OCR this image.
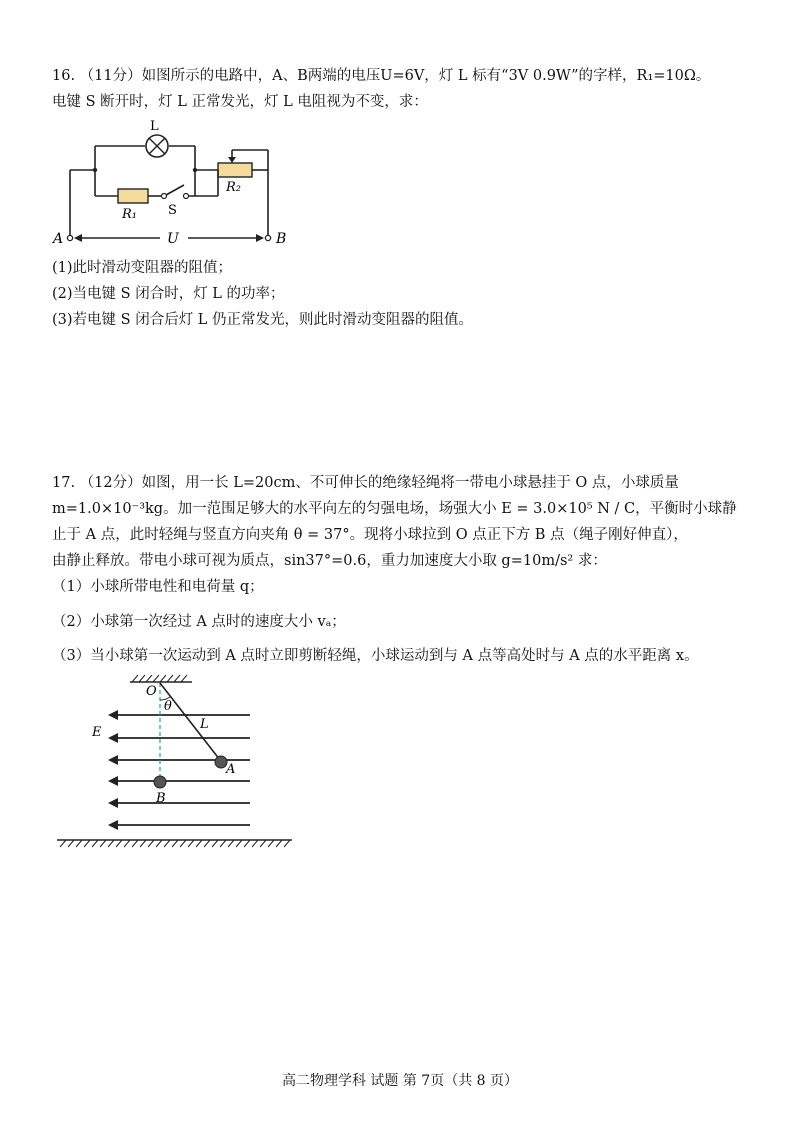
16. （11分）如图所示的电路中，A、B两端的电压U=6V，灯 L 标有“3V 0.9W”的字样，R₁=10Ω。
电键 S 断开时，灯 L 正常发光，灯 L 电阻视为不变，求：
L
R₁ S
R₂
U
A	B
(1)此时滑动变阻器的阻值；
(2)当电键 S 闭合时，灯 L 的功率；
(3)若电键 S 闭合后灯 L 仍正常发光，则此时滑动变阻器的阻值。
17. （12分）如图，用一长 L=20cm、不可伸长的绝缘轻绳将一带电小球悬挂于 O 点，小球质量
m=1.0×10⁻³kg。加一范围足够大的水平向左的匀强电场，场强大小 E = 3.0×10⁵ N / C，平衡时小球静
止于 A 点，此时轻绳与竖直方向夹角 θ = 37°。现将小球拉到 O 点正下方 B 点（绳子刚好伸直），
由静止释放。带电小球可视为质点，sin37°=0.6，重力加速度大小取 g=10m/s² 求：
（1）小球所带电性和电荷量 q；
（2）小球第一次经过 A 点时的速度大小 vₐ；
（3）当小球第一次运动到 A 点时立即剪断轻绳，小球运动到与 A 点等高处时与 A 点的水平距离 x。
O
θ
L
E
A
B
高二物理学科 试题 第 7页（共 8 页）
